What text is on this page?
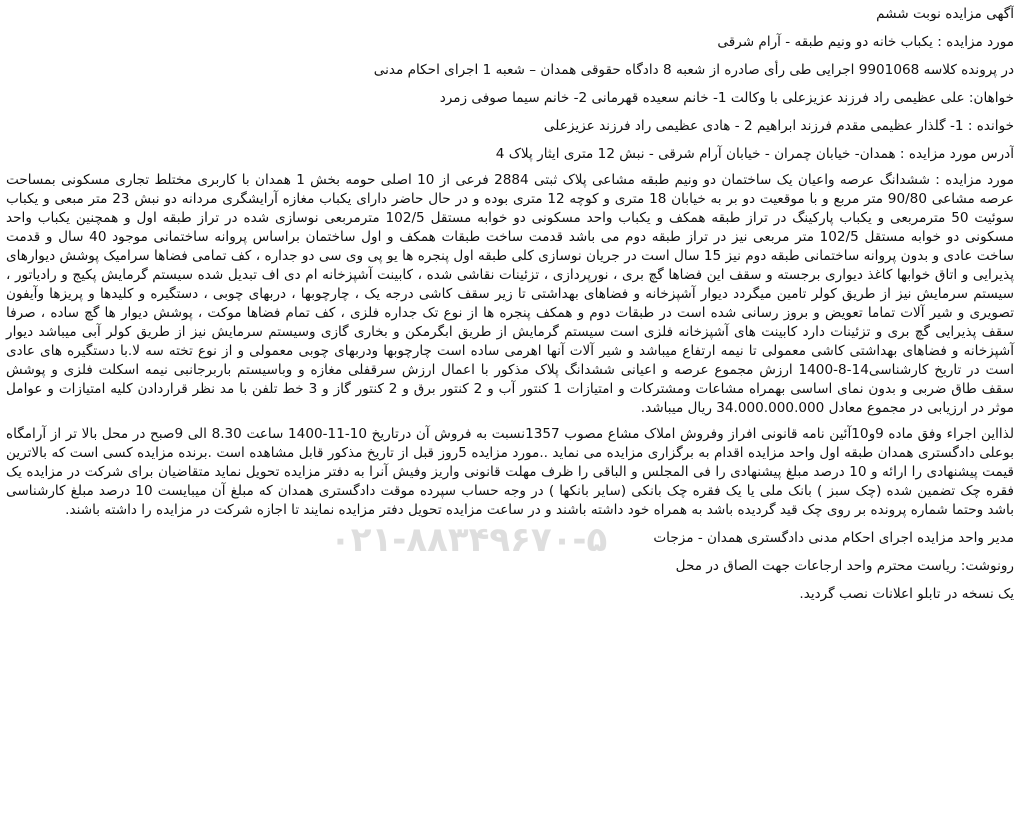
آگهی مزایده نوبت ششم

مورد مزایده : یکباب خانه دو ونیم طبقه - آرام شرقی

در پرونده کلاسه 9901068 اجرایی طی رأی صادره از شعبه 8 دادگاه حقوقی همدان – شعبه 1 اجرای احکام مدنی

خواهان: علی عظیمی راد فرزند عزیزعلی با وکالت 1- خانم سعیده قهرمانی 2- خانم سیما صوفی زمرد

خوانده : 1- گلذار عظیمی مقدم فرزند ابراهیم 2 - هادی عظیمی راد فرزند عزیزعلی

آدرس مورد مزایده : همدان- خیابان چمران - خیابان آرام شرقی - نبش 12 متری ایثار پلاک 4

مورد مزایده : ششدانگ عرصه واعیان یک ساختمان دو ونیم طبقه مشاعی پلاک ثبتی 2884 فرعی از 10 اصلی حومه بخش 1 همدان با کاربری مختلط تجاری مسکونی بمساحت عرصه مشاعی 90/80 متر مربع و با موقعیت دو بر به خیابان 18 متری و کوچه 12 متری بوده و در حال حاضر دارای یکباب مغازه آرایشگری مردانه دو نبش 23 متر مبعی و یکباب سوئیت 50 مترمربعی و یکباب پارکینگ در تراز طبقه همکف و یکباب واحد مسکونی دو خوابه مستقل 102/5 مترمربعی نوسازی شده در تراز طبقه اول و همچنین یکباب واحد مسکونی دو خوابه مستقل 102/5 متر مربعی نیز در تراز طبقه دوم می باشد قدمت ساخت طبقات همکف و اول ساختمان براساس پروانه ساختمانی موجود 40 سال و قدمت ساخت عادی و بدون پروانه ساختمانی طبقه دوم نیز 15 سال است در جریان نوسازی کلی طبقه اول پنجره ها یو پی وی سی دو جداره ، کف تمامی فضاها سرامیک پوشش دیوارهای پذیرایی و اتاق خوابها کاغذ دیواری برجسته و سقف این فضاها گچ بری ، نورپردازی ، تزئینات نقاشی شده ، کابینت آشپزخانه ام دی اف تبدیل شده سیستم گرمایش پکیج و رادیاتور ، سیستم سرمایش نیز از طریق کولر تامین میگردد دیوار آشپزخانه و فضاهای بهداشتی تا زیر سقف کاشی درجه یک ، چارچوبها ، دربهای چوبی ، دستگیره و کلیدها و پریزها وآیفون تصویری و شیر آلات تماما تعویض و بروز رسانی شده است در طبقات دوم و همکف پنجره ها از نوع تک جداره فلزی ، کف تمام فضاها موکت ، پوشش دیوار ها گچ ساده ، صرفا سقف پذیرایی گچ بری و تزئینات دارد کابینت های آشپزخانه فلزی است سیستم گرمایش از طریق ابگرمکن و بخاری گازی وسیستم سرمایش نیز از طریق کولر آبی میباشد دیوار آشپزخانه و فضاهای بهداشتی کاشی معمولی تا نیمه ارتفاع میباشد و شیر آلات آنها اهرمی ساده است چارچوبها ودربهای چوبی معمولی و از نوع تخته سه لا.با دستگیره های عادی است در تاریخ کارشناسی14-8-1400 ارزش مجموع عرصه و اعیانی ششدانگ پلاک مذکور با اعمال ارزش سرقفلی مغازه و وباسیستم باربرجانبی نیمه اسکلت فلزی و پوشش سقف طاق ضربی و بدون نمای اساسی بهمراه مشاعات ومشترکات و امتیازات 1 کنتور آب و 2 کنتور برق و 2 کنتور گاز و 3 خط تلفن با مد نظر قراردادن کلیه امتیازات و عوامل موثر در ارزیابی در مجموع معادل 34.000.000.000 ریال میباشد.

لذااین اجراء وفق ماده 9و10آئین نامه قانونی افراز وفروش املاک مشاع مصوب 1357نسبت به فروش آن درتاریخ 10-11-1400 ساعت 8.30 الی 9صبح در محل بالا تر از آرامگاه بوعلی دادگستری همدان طبقه اول واحد مزایده اقدام به برگزاری مزایده می نماید ..مورد مزایده 5روز قبل از تاریخ مذکور قابل مشاهده است .برنده مزایده کسی است که بالاترین قیمت پیشنهادی را ارائه و 10 درصد مبلغ پیشنهادی را فی المجلس و الباقی را ظرف مهلت قانونی واریز وفیش آنرا به دفتر مزایده تحویل نماید متقاضیان برای شرکت در مزایده یک فقره چک تضمین شده (چک سبز ) بانک ملی یا یک فقره چک بانکی (سایر بانکها ) در وجه حساب سپرده موقت دادگستری همدان که مبلغ آن میبایست 10 درصد مبلغ کارشناسی باشد وحتما شماره پرونده بر روی چک قید گردیده باشد به همراه خود داشته باشند و در ساعت مزایده تحویل دفتر مزایده نمایند تا اجازه شرکت در مزایده را داشته باشند.

مدیر واحد مزایده اجرای احکام مدنی دادگستری همدان - مزجات

رونوشت: ریاست محترم واحد ارجاعات جهت الصاق در محل

یک نسخه در تابلو اعلانات نصب گردید.

۰۲۱-۸۸۳۴۹۶۷۰-۵
